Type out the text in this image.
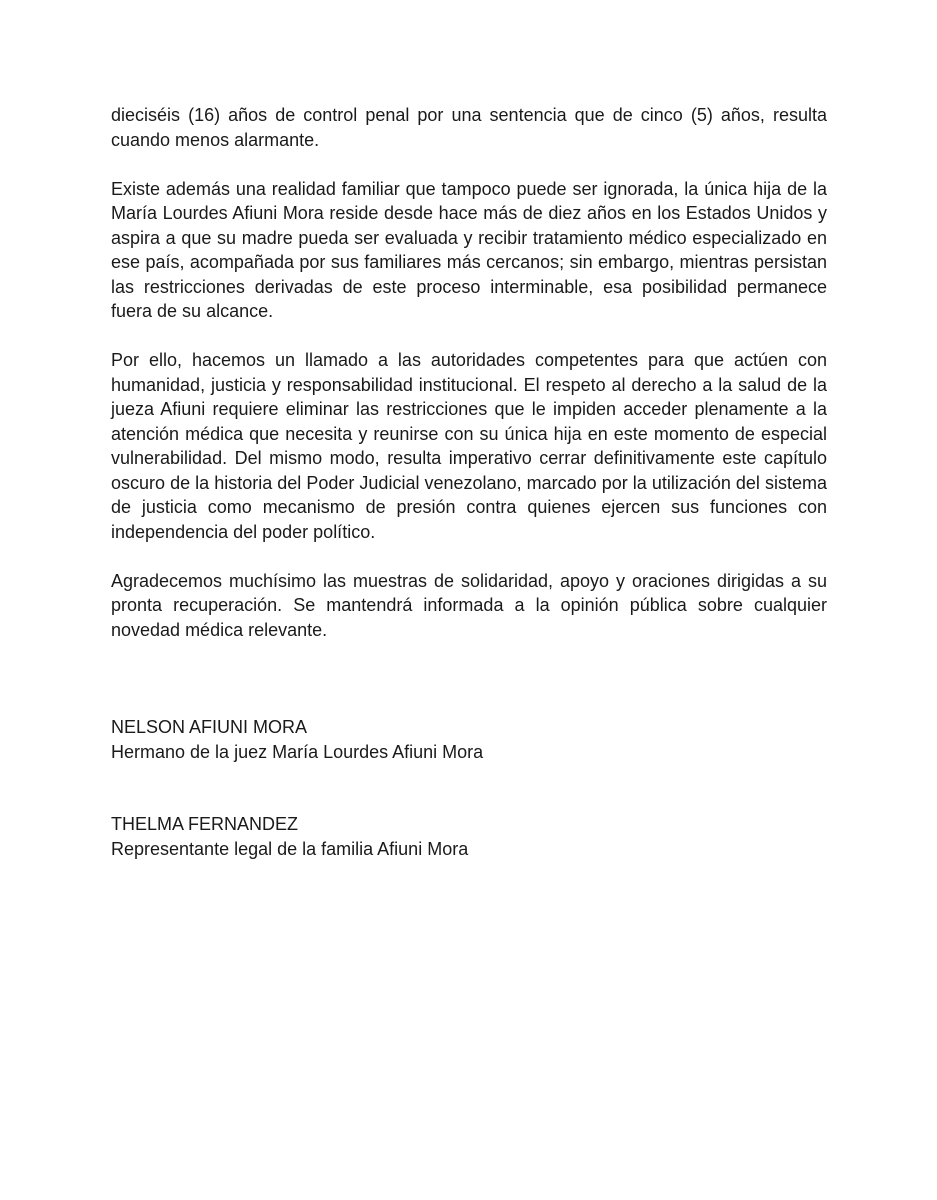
dieciséis (16) años de control penal por una sentencia que de cinco (5) años, resulta cuando menos alarmante.

Existe además una realidad familiar que tampoco puede ser ignorada, la única hija de la María Lourdes Afiuni Mora reside desde hace más de diez años en los Estados Unidos y aspira a que su madre pueda ser evaluada y recibir tratamiento médico especializado en ese país, acompañada por sus familiares más cercanos; sin embargo, mientras persistan las restricciones derivadas de este proceso interminable, esa posibilidad permanece fuera de su alcance.

Por ello, hacemos un llamado a las autoridades competentes para que actúen con humanidad, justicia y responsabilidad institucional. El respeto al derecho a la salud de la jueza Afiuni requiere eliminar las restricciones que le impiden acceder plenamente a la atención médica que necesita y reunirse con su única hija en este momento de especial vulnerabilidad. Del mismo modo, resulta imperativo cerrar definitivamente este capítulo oscuro de la historia del Poder Judicial venezolano, marcado por la utilización del sistema de justicia como mecanismo de presión contra quienes ejercen sus funciones con independencia del poder político.

Agradecemos muchísimo las muestras de solidaridad, apoyo y oraciones dirigidas a su pronta recuperación. Se mantendrá informada a la opinión pública sobre cualquier novedad médica relevante.

NELSON AFIUNI MORA
Hermano de la juez María Lourdes Afiuni Mora
THELMA FERNANDEZ
Representante legal de la familia Afiuni Mora
